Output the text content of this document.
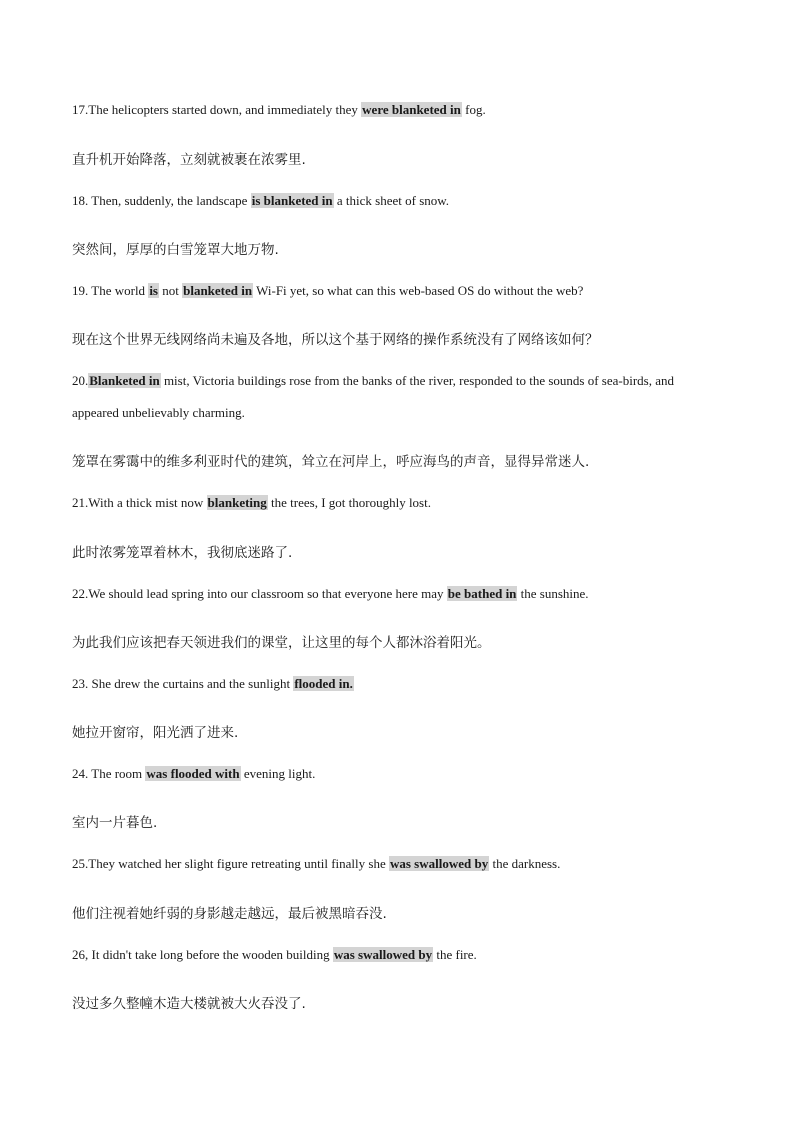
17.The helicopters started down, and immediately they were blanketed in fog.
直升机开始降落，立刻就被裹在浓雾里.
18. Then, suddenly, the landscape is blanketed in a thick sheet of snow.
突然间，厚厚的白雪笼罩大地万物.
19. The world is not blanketed in Wi-Fi yet, so what can this web-based OS do without the web?
现在这个世界无线网络尚未遍及各地，所以这个基于网络的操作系统没有了网络该如何？
20.Blanketed in mist, Victoria buildings rose from the banks of the river, responded to the sounds of sea-birds, and
appeared unbelievably charming.
笼罩在雾霭中的维多利亚时代的建筑，耸立在河岸上，呼应海鸟的声音，显得异常迷人.
21.With a thick mist now blanketing the trees, I got thoroughly lost.
此时浓雾笼罩着林木，我彻底迷路了.
22.We should lead spring into our classroom so that everyone here may be bathed in the sunshine.
为此我们应该把春天领进我们的课堂，让这里的每个人都沐浴着阳光。
23. She drew the curtains and the sunlight flooded in.
她拉开窗帘，阳光洒了进来.
24. The room was flooded with evening light.
室内一片暮色.
25.They watched her slight figure retreating until finally she was swallowed by the darkness.
他们注视着她纤弱的身影越走越远，最后被黑暗吞没.
26, It didn't take long before the wooden building was swallowed by the fire.
没过多久整幢木造大楼就被大火吞没了.
